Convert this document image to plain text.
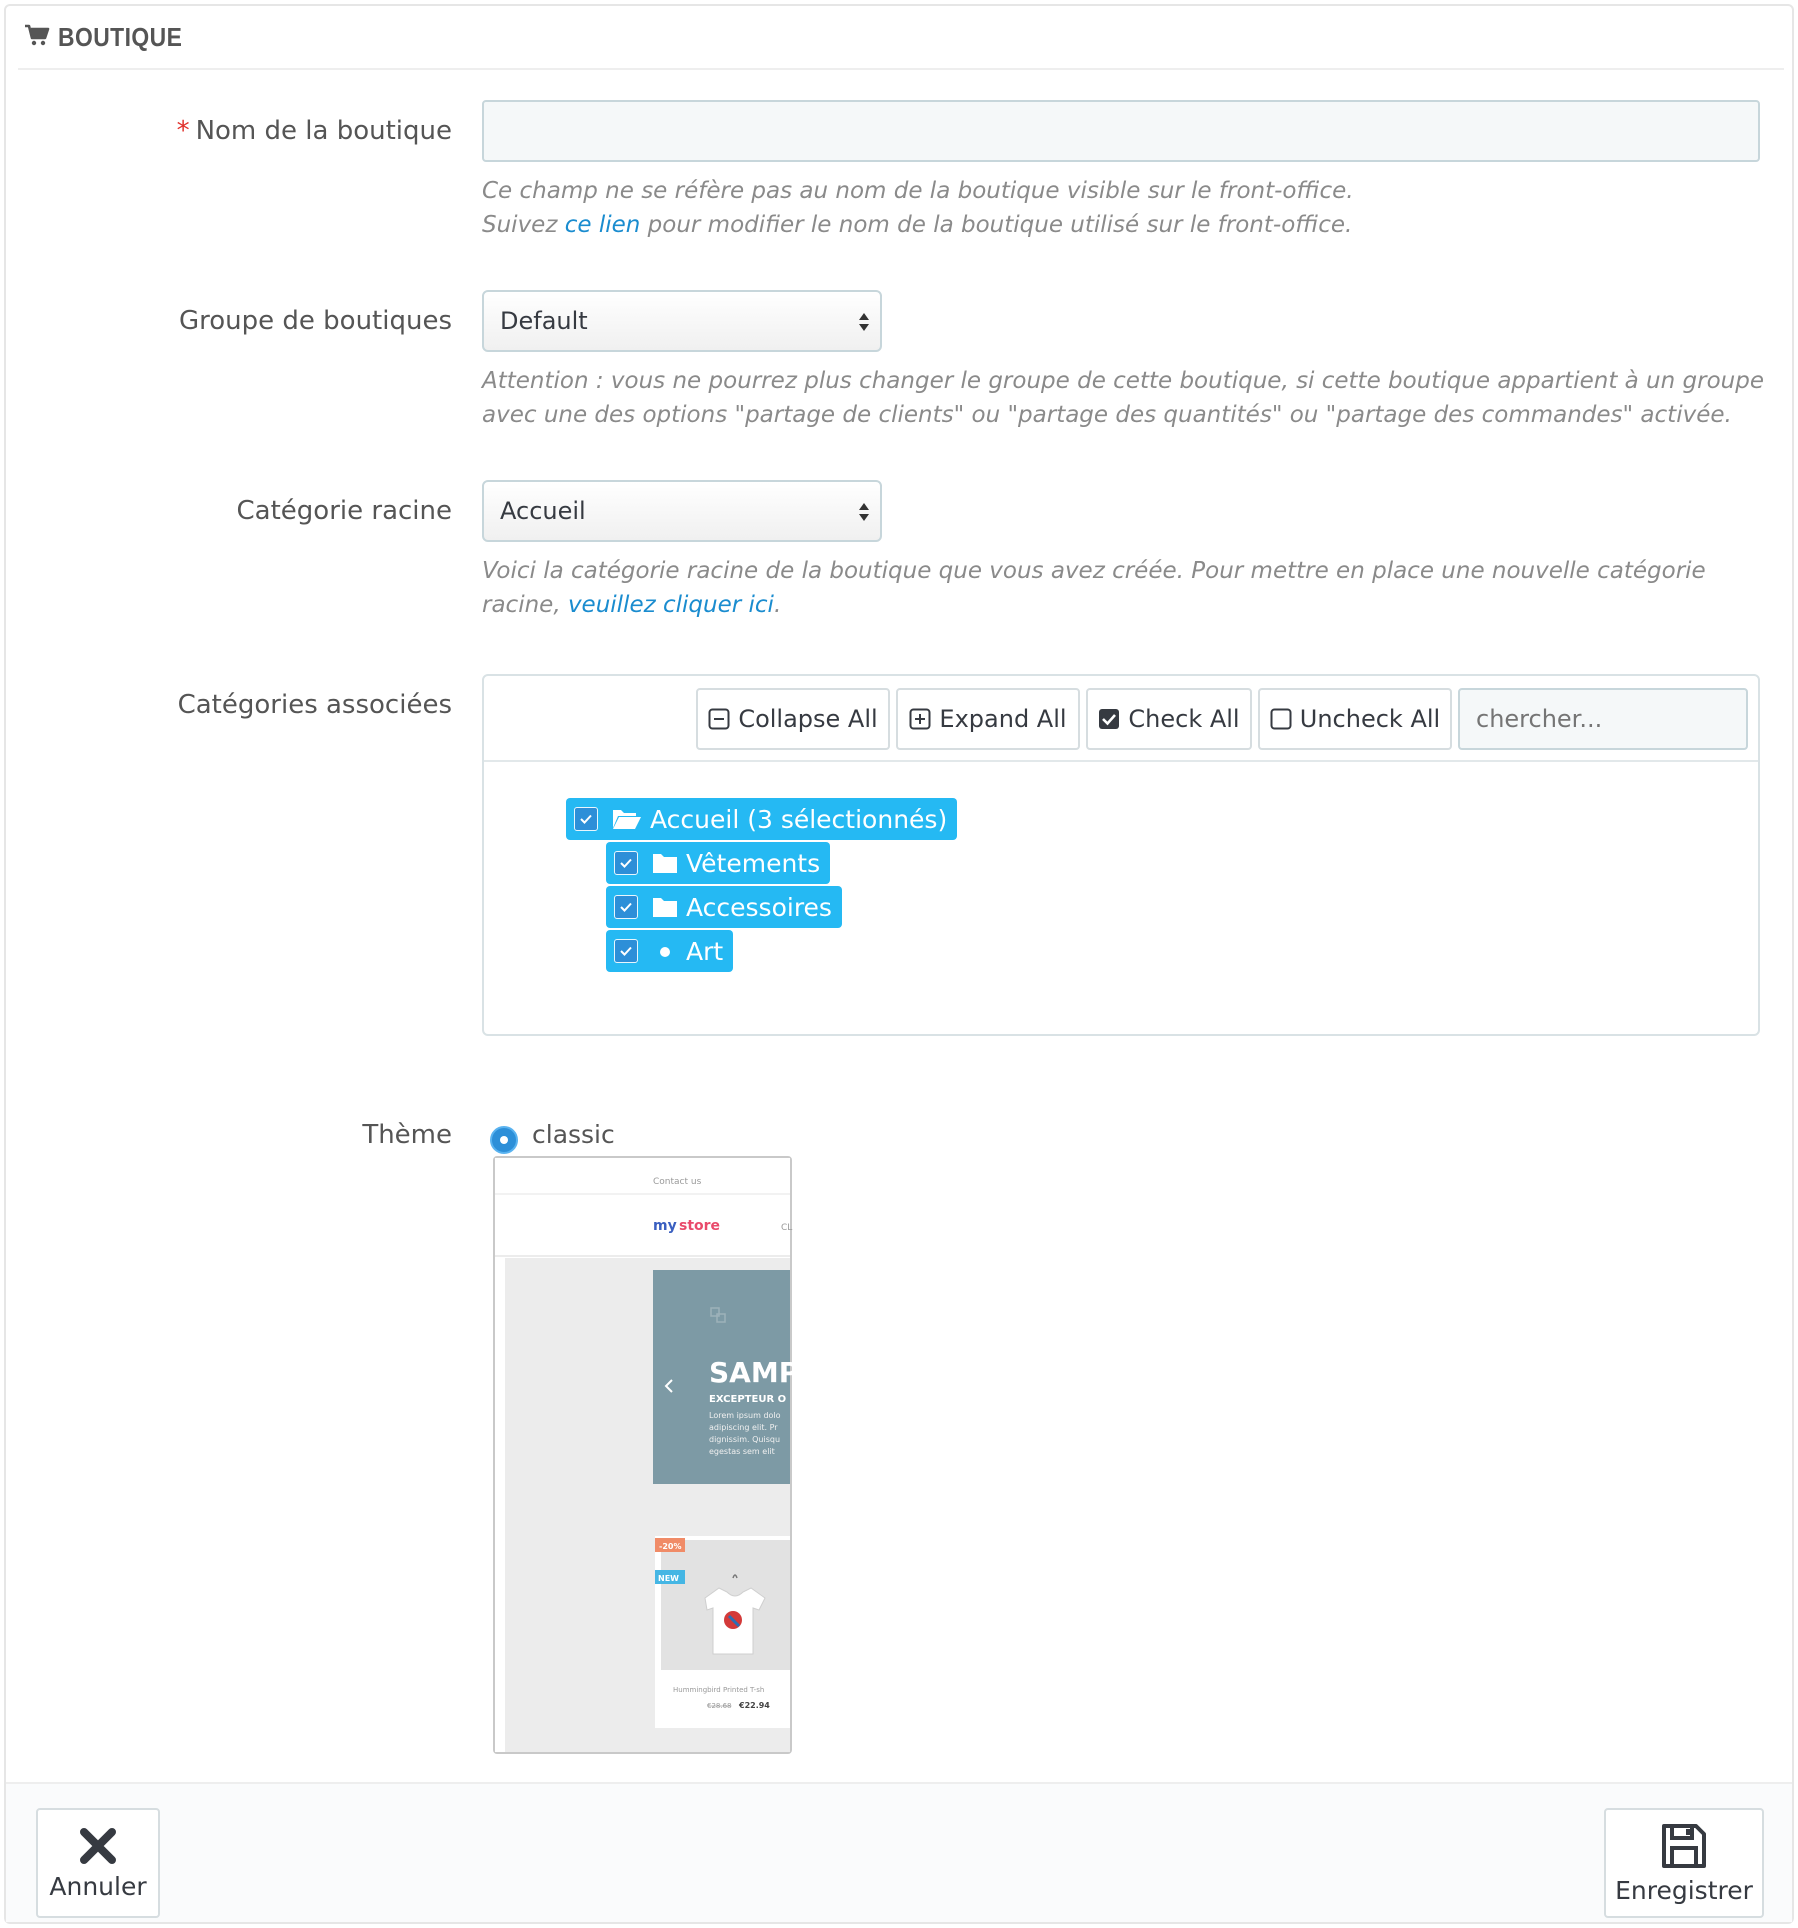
BOUTIQUE
* Nom de la boutique
Ce champ ne se réfère pas au nom de la boutique visible sur le front-office.
Suivez ce lien pour modifier le nom de la boutique utilisé sur le front-office.
Groupe de boutiques Default
Attention : vous ne pourrez plus changer le groupe de cette boutique, si cette boutique appartient à un groupe avec une des options "partage de clients" ou "partage des quantités" ou "partage des commandes" activée.
Catégorie racine Accueil
Voici la catégorie racine de la boutique que vous avez créée. Pour mettre en place une nouvelle catégorie racine, veuillez cliquer ici.
Catégories associées	Collapse All	Expand All	Check All	Uncheck All
chercher...
Accueil (3 sélectionnés)
Vêtements
Accessoires
Art
Thème	classic
Contact us
my store	CL
SAMP
EXCEPTEUR O
Lorem ipsum dolo
adipiscing elit. Pr
dignissim. Quisqu
egestas sem elit
-20%
NEW
Hummingbird Printed T-sh
€28.68 €22.94
Annuler	Enregistrer
